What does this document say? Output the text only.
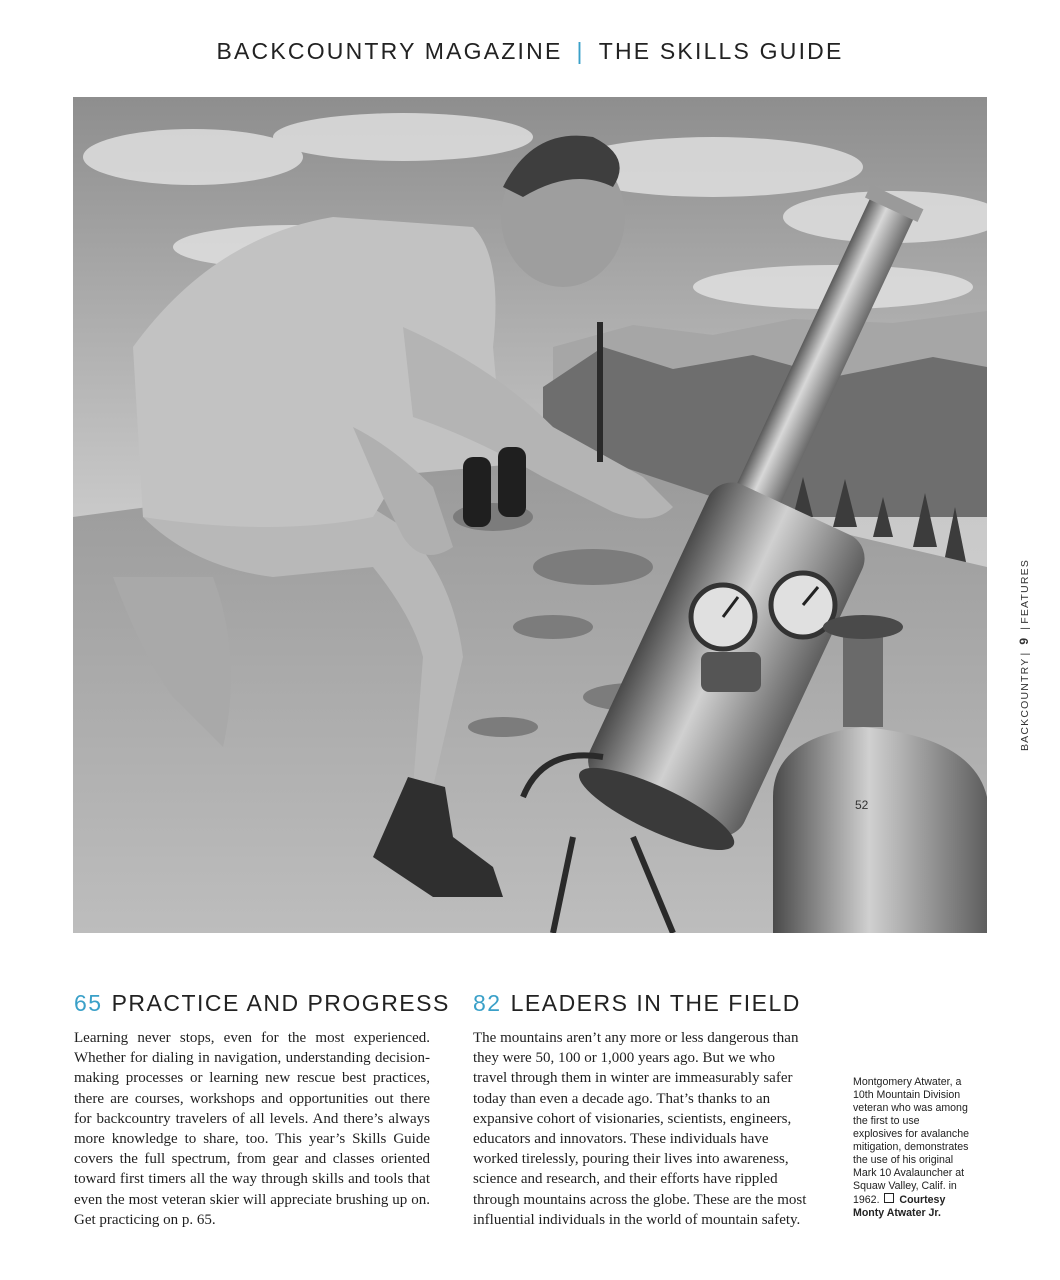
BACKCOUNTRY MAGAZINE | THE SKILLS GUIDE
52
65 PRACTICE AND PROGRESS
Learning never stops, even for the most experienced. Whether for dialing in navigation, understanding decision-making processes or learning new rescue best practices, there are courses, workshops and opportunities out there for backcountry travelers of all levels. And there’s always more knowledge to share, too. This year’s Skills Guide covers the full spectrum, from gear and classes oriented toward first timers all the way through skills and tools that even the most veteran skier will appreciate brushing up on. Get practicing on p. 65.
82 LEADERS IN THE FIELD
The mountains aren’t any more or less dangerous than they were 50, 100 or 1,000 years ago. But we who travel through them in winter are immeasurably safer today than even a decade ago. That’s thanks to an expansive cohort of visionaries, scientists, engineers, educators and innovators. These individuals have worked tirelessly, pouring their lives into awareness, science and research, and their efforts have rippled through mountains across the globe. These are the most influential individuals in the world of mountain safety.
Montgomery Atwater, a 10th Mountain Division veteran who was among the first to use explosives for avalanche mitigation, demonstrates the use of his original Mark 10 Avalauncher at Squaw Valley, Calif. in 1962. Courtesy Monty Atwater Jr.
BACKCOUNTRY|9|FEATURES
